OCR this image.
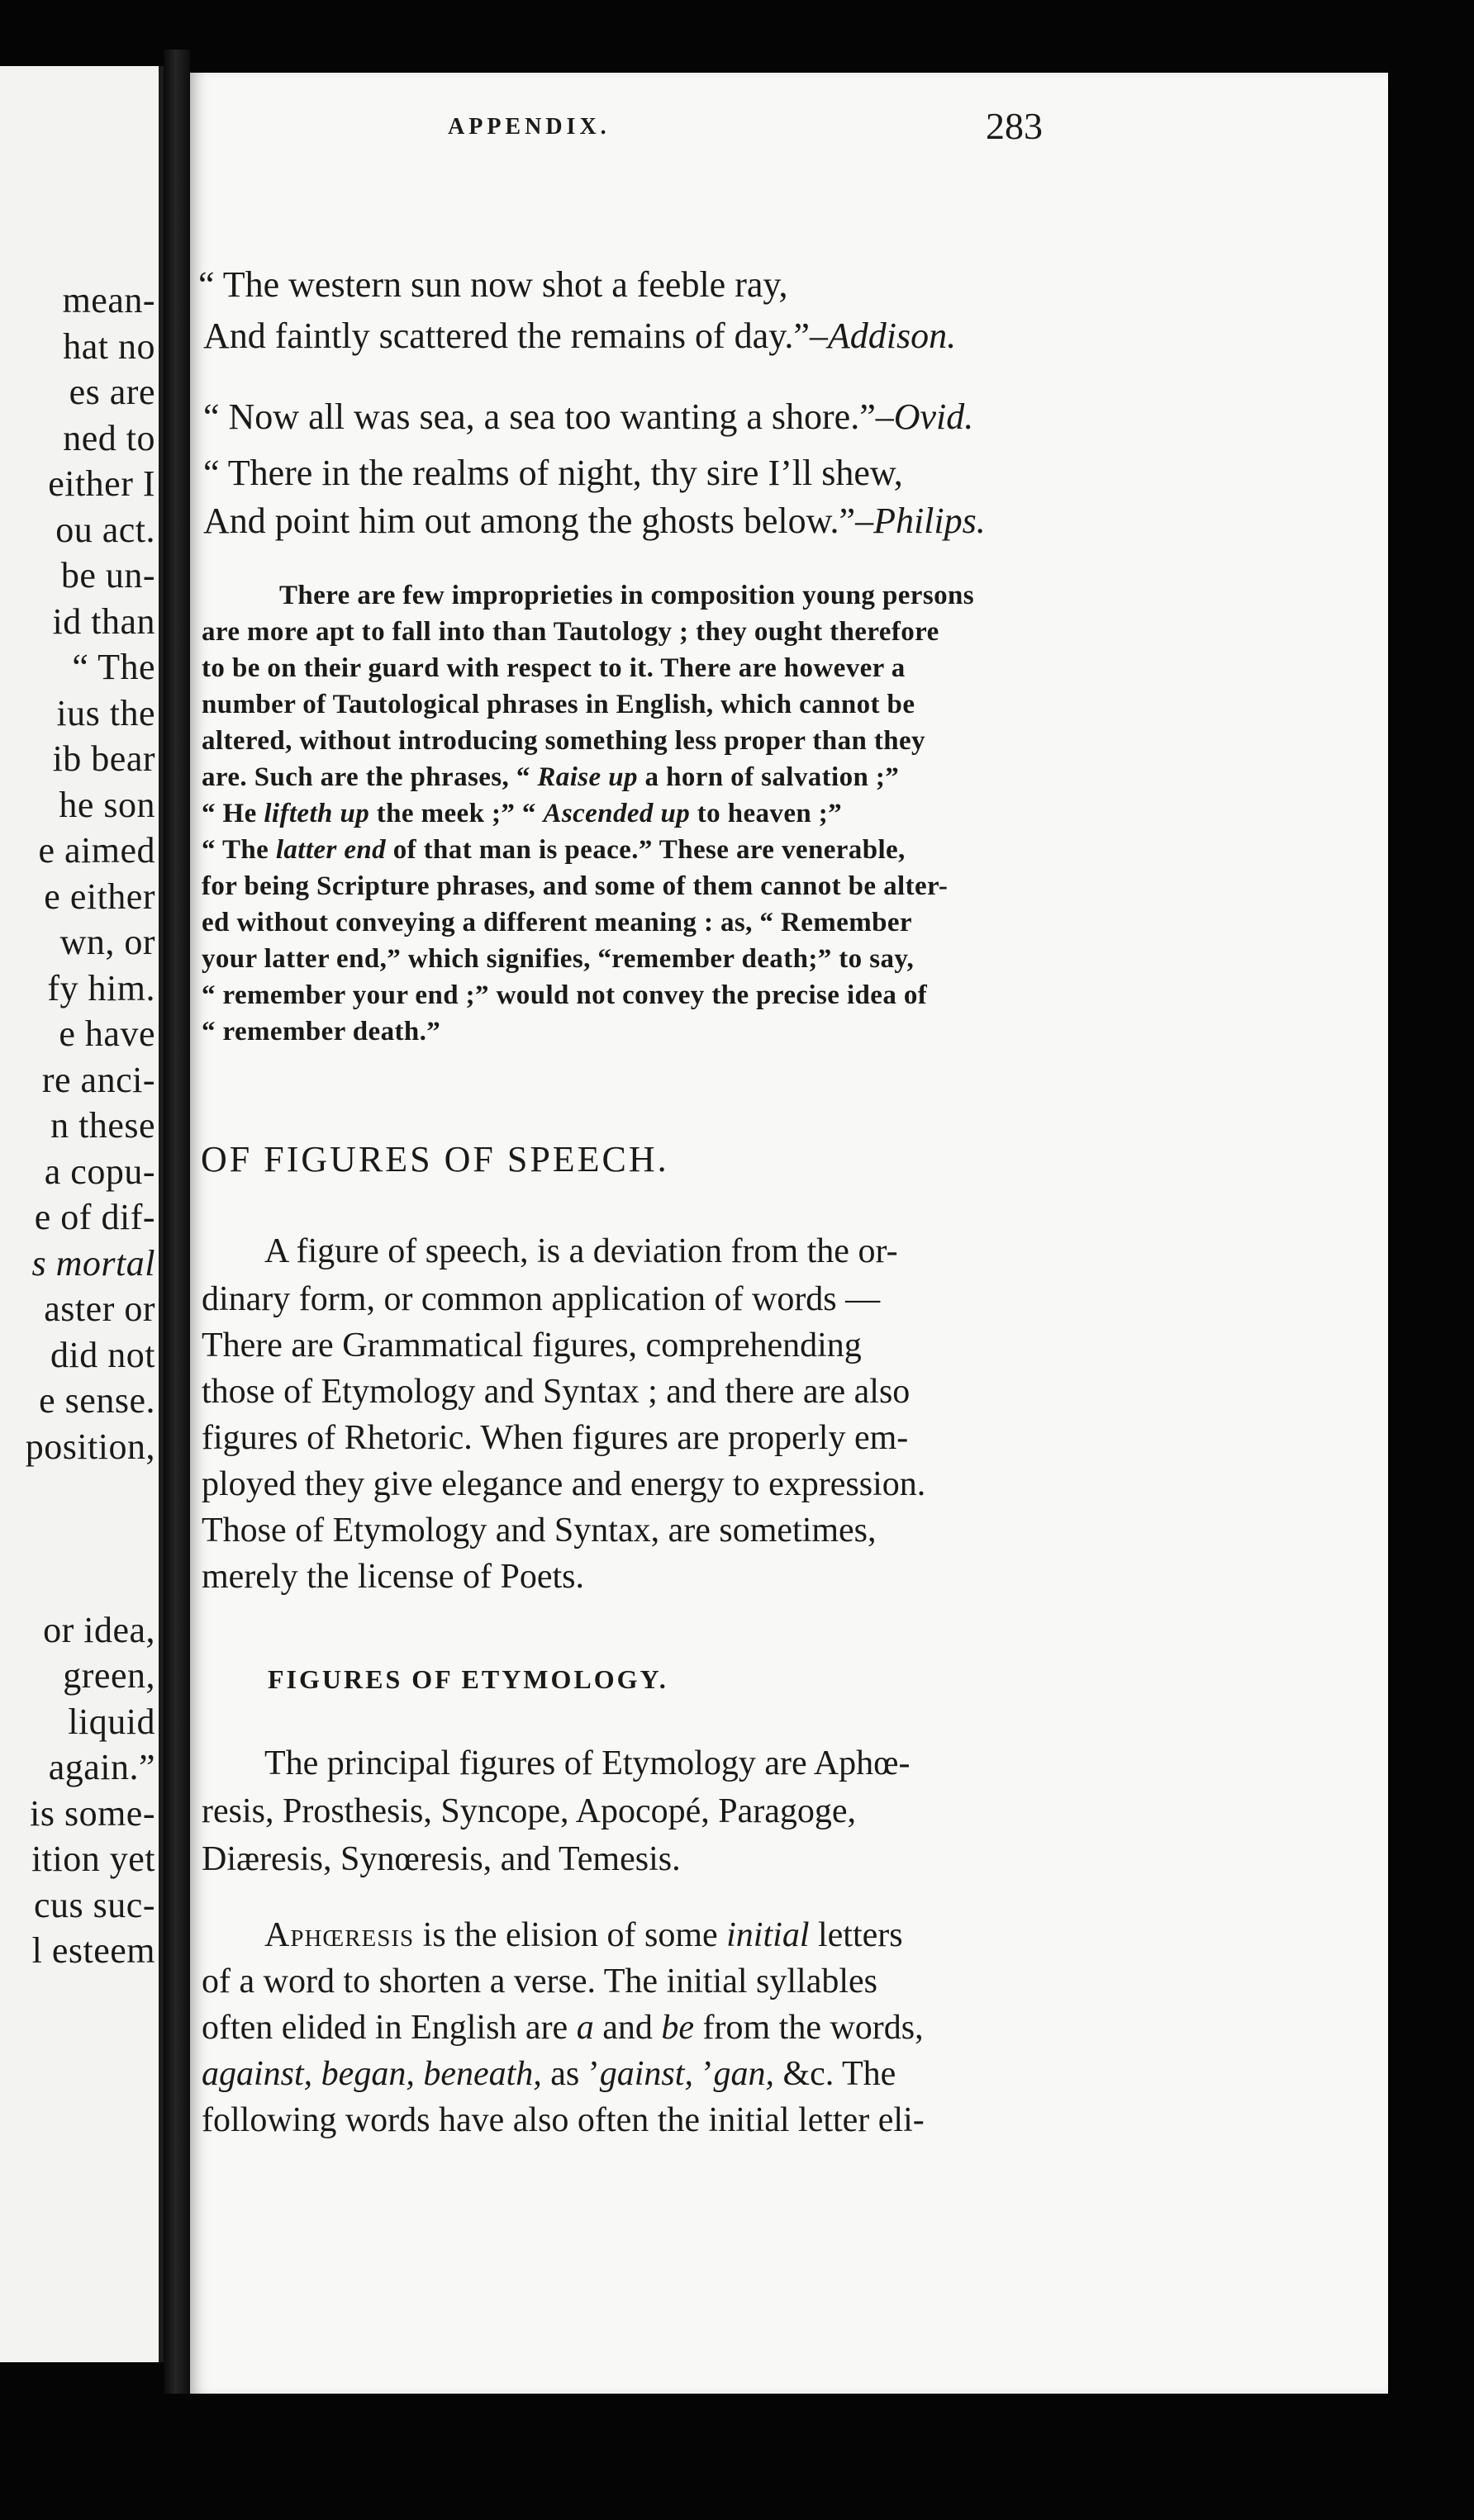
mean-
hat no
es are
ned to
either I
ou act.
be un-
id than
“ The
ius the
ib bear
he son
e aimed
e either
wn, or
fy him.
e have
re anci-
n these
a copu-
e of dif-
s mortal
aster or
did not
e sense.
position,
or idea,
green,
liquid
again.”
is some-
ition yet
cus suc-
l esteem
APPENDIX.	283
“ The western sun now shot a feeble ray,
And faintly scattered the remains of day.”–Addison.
“ Now all was sea, a sea too wanting a shore.”–Ovid.
“ There in the realms of night, thy sire I’ll shew,
And point him out among the ghosts below.”–Philips.
There are few improprieties in composition young persons
are more apt to fall into than Tautology ; they ought therefore
to be on their guard with respect to it. There are however a
number of Tautological phrases in English, which cannot be
altered, without introducing something less proper than they
are. Such are the phrases, “ Raise up a horn of salvation ;”
“ He lifteth up the meek ;” “ Ascended up to heaven ;”
“ The latter end of that man is peace.” These are venerable,
for being Scripture phrases, and some of them cannot be alter-
ed without conveying a different meaning : as, “ Remember
your latter end,” which signifies, “remember death;” to say,
“ remember your end ;” would not convey the precise idea of
“ remember death.”
OF FIGURES OF SPEECH.
A figure of speech, is a deviation from the or-
dinary form, or common application of words —
There are Grammatical figures, comprehending
those of Etymology and Syntax ; and there are also
figures of Rhetoric. When figures are properly em-
ployed they give elegance and energy to expression.
Those of Etymology and Syntax, are sometimes,
merely the license of Poets.
FIGURES OF ETYMOLOGY.
The principal figures of Etymology are Aphœ-
resis, Prosthesis, Syncope, Apocopé, Paragoge,
Diæresis, Synœresis, and Temesis.
Aphœresis is the elision of some initial letters
of a word to shorten a verse. The initial syllables
often elided in English are a and be from the words,
against, began, beneath, as ’gainst, ’gan, &c. The
following words have also often the initial letter eli-
